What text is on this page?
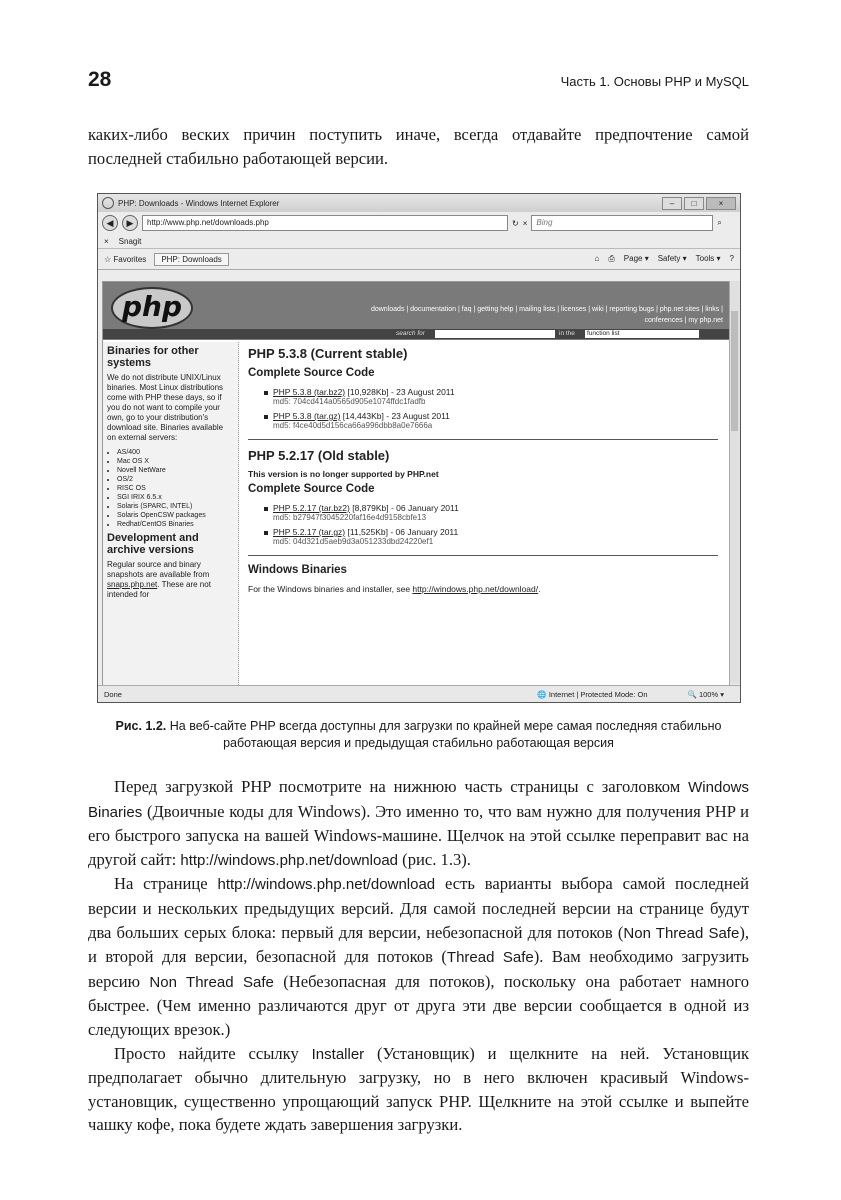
28	Часть 1. Основы PHP и MySQL

каких-либо веских причин поступить иначе, всегда отдавайте предпочтение самой последней стабильно работающей версии.

PHP: Downloads - Windows Internet Explorer	–	□	×
◀	▶	http://www.php.net/downloads.php	↻ ×	Bing	⌕
× Snagit
☆ Favorites	PHP: Downloads	⌂ ⎙ Page ▾ Safety ▾ Tools ▾ ?
php	downloads | documentation | faq | getting help | mailing lists | licenses | wiki | reporting bugs | php.net sites | links |
conferences | my php.net
search for	in the	function list
Binaries for other systems

We do not distribute UNIX/Linux binaries. Most Linux distributions come with PHP these days, so if you do not want to compile your own, go to your distribution's download site. Binaries available on external servers:

• AS/400
• Mac OS X
• Novell NetWare
• OS/2
• RISC OS
• SGI IRIX 6.5.x
• Solaris (SPARC, INTEL)
• Solaris OpenCSW packages
• Redhat/CentOS Binaries
Development and archive versions

Regular source and binary snapshots are available from snaps.php.net. These are not intended for

PHP 5.3.8 (Current stable)
Complete Source Code
PHP 5.3.8 (tar.bz2) [10,928Kb] - 23 August 2011
md5: 704cd414a0565d905e1074ffdc1fadfb
PHP 5.3.8 (tar.gz) [14,443Kb] - 23 August 2011
md5: f4ce40d5d156ca66a996dbb8a0e7666a
PHP 5.2.17 (Old stable)
This version is no longer supported by PHP.net
Complete Source Code
PHP 5.2.17 (tar.bz2) [8,879Kb] - 06 January 2011
md5: b27947f3045220faf16e4d9158cbfe13
PHP 5.2.17 (tar.gz) [11,525Kb] - 06 January 2011
md5: 04d321d5aeb9d3a051233dbd24220ef1
Windows Binaries
For the Windows binaries and installer, see http://windows.php.net/download/.
Done	🌐 Internet | Protected Mode: On	🔍 100% ▾

Рис. 1.2. На веб-сайте PHP всегда доступны для загрузки по крайней мере самая последняя стабильно работающая версия и предыдущая стабильно работающая версия

Перед загрузкой PHP посмотрите на нижнюю часть страницы с заголовком Windows Binaries (Двоичные коды для Windows). Это именно то, что вам нужно для получения PHP и его быстрого запуска на вашей Windows-машине. Щелчок на этой ссылке переправит вас на другой сайт: http://windows.php.net/download (рис. 1.3).

На странице http://windows.php.net/download есть варианты выбора самой последней версии и нескольких предыдущих версий. Для самой последней версии на странице будут два больших серых блока: первый для версии, небезопасной для потоков (Non Thread Safe), и второй для версии, безопасной для потоков (Thread Safe). Вам необходимо загрузить версию Non Thread Safe (Небезопасная для потоков), поскольку она работает намного быстрее. (Чем именно различаются друг от друга эти две версии сообщается в одной из следующих врезок.)

Просто найдите ссылку Installer (Установщик) и щелкните на ней. Установщик предполагает обычно длительную загрузку, но в него включен красивый Windows-установщик, существенно упрощающий запуск PHP. Щелкните на этой ссылке и выпейте чашку кофе, пока будете ждать завершения загрузки.
